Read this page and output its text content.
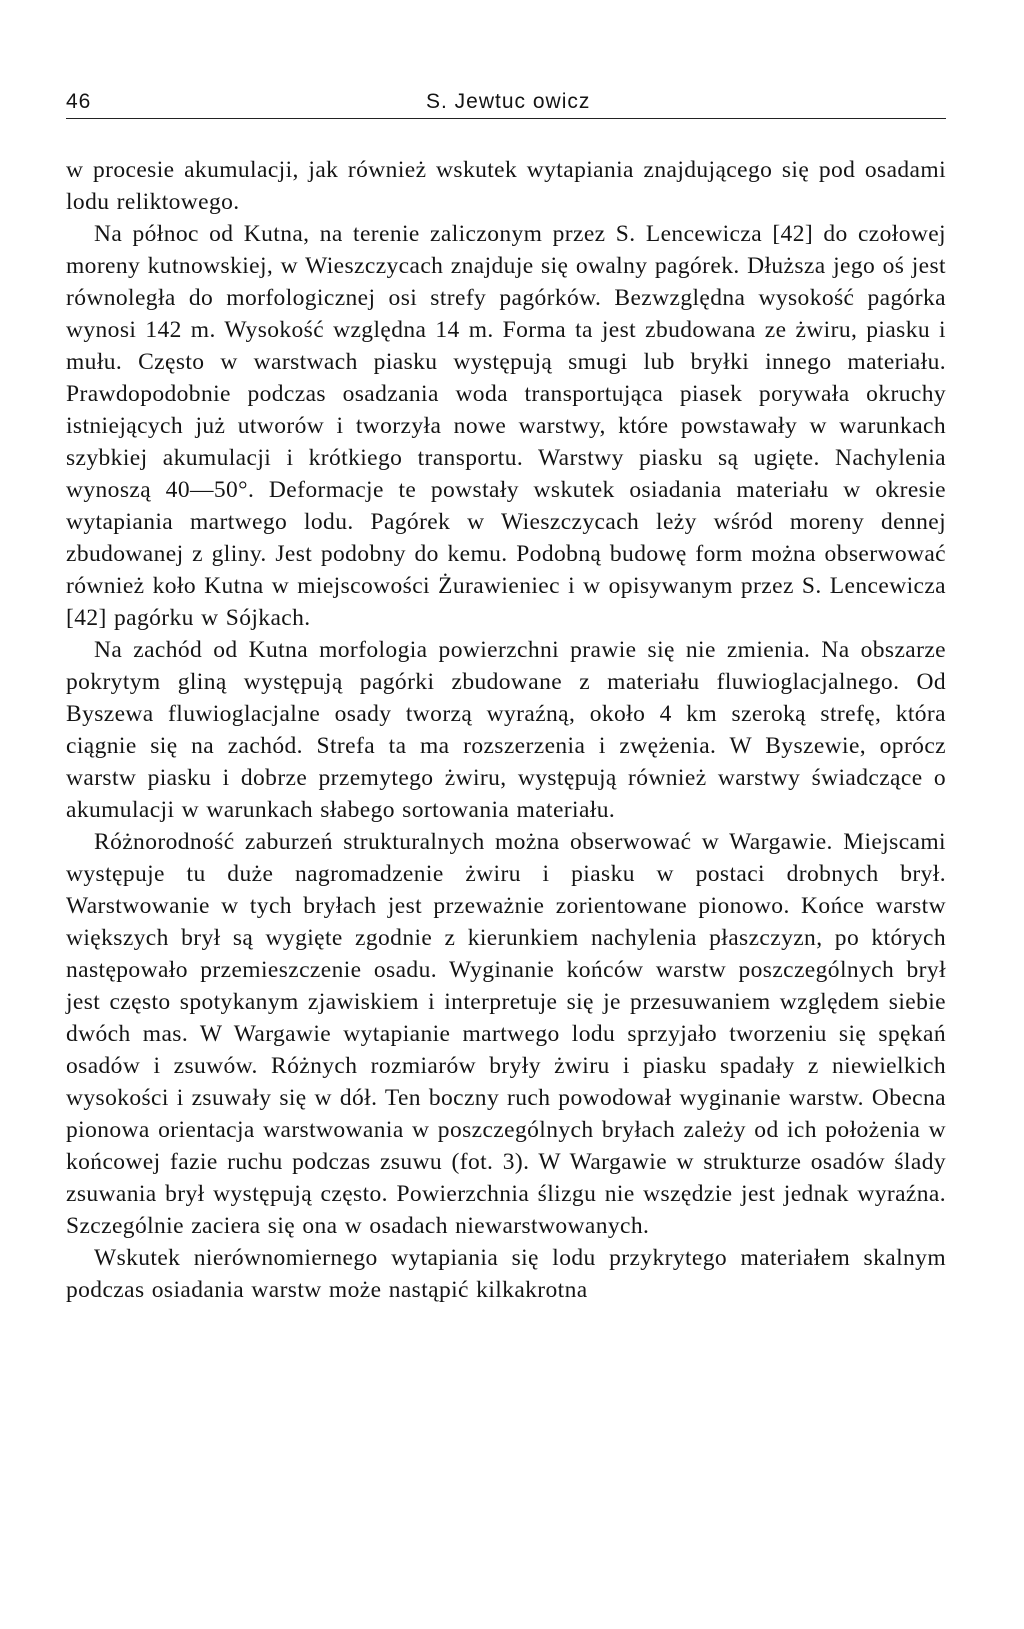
46	S. Jewtuc owicz

w procesie akumulacji, jak również wskutek wytapiania znajdującego się pod osadami lodu reliktowego.

Na północ od Kutna, na terenie zaliczonym przez S. Lencewicza [42] do czołowej moreny kutnowskiej, w Wieszczycach znajduje się owalny pagórek. Dłuższa jego oś jest równoległa do morfologicznej osi strefy pagórków. Bezwzględna wysokość pagórka wynosi 142 m. Wysokość względna 14 m. Forma ta jest zbudowana ze żwiru, piasku i mułu. Często w warstwach piasku występują smugi lub bryłki innego materiału. Prawdopodobnie podczas osadzania woda transportująca piasek porywała okruchy istniejących już utworów i tworzyła nowe warstwy, które powstawały w warunkach szybkiej akumulacji i krótkiego transportu. Warstwy piasku są ugięte. Nachylenia wynoszą 40—50°. Deformacje te powstały wskutek osiadania materiału w okresie wytapiania martwego lodu. Pagórek w Wieszczycach leży wśród moreny dennej zbudowanej z gliny. Jest podobny do kemu. Podobną budowę form można obserwować również koło Kutna w miejscowości Żurawieniec i w opisywanym przez S. Lencewicza [42] pagórku w Sójkach.

Na zachód od Kutna morfologia powierzchni prawie się nie zmienia. Na obszarze pokrytym gliną występują pagórki zbudowane z materiału fluwioglacjalnego. Od Byszewa fluwioglacjalne osady tworzą wyraźną, około 4 km szeroką strefę, która ciągnie się na zachód. Strefa ta ma rozszerzenia i zwężenia. W Byszewie, oprócz warstw piasku i dobrze przemytego żwiru, występują również warstwy świadczące o akumulacji w warunkach słabego sortowania materiału.

Różnorodność zaburzeń strukturalnych można obserwować w Wargawie. Miejscami występuje tu duże nagromadzenie żwiru i piasku w postaci drobnych brył. Warstwowanie w tych bryłach jest przeważnie zorientowane pionowo. Końce warstw większych brył są wygięte zgodnie z kierunkiem nachylenia płaszczyzn, po których następowało przemieszczenie osadu. Wyginanie końców warstw poszczególnych brył jest często spotykanym zjawiskiem i interpretuje się je przesuwaniem względem siebie dwóch mas. W Wargawie wytapianie martwego lodu sprzyjało tworzeniu się spękań osadów i zsuwów. Różnych rozmiarów bryły żwiru i piasku spadały z niewielkich wysokości i zsuwały się w dół. Ten boczny ruch powodował wyginanie warstw. Obecna pionowa orientacja warstwowania w poszczególnych bryłach zależy od ich położenia w końcowej fazie ruchu podczas zsuwu (fot. 3). W Wargawie w strukturze osadów ślady zsuwania brył występują często. Powierzchnia ślizgu nie wszędzie jest jednak wyraźna. Szczególnie zaciera się ona w osadach niewarstwowanych.

Wskutek nierównomiernego wytapiania się lodu przykrytego materiałem skalnym podczas osiadania warstw może nastąpić kilkakrotna
